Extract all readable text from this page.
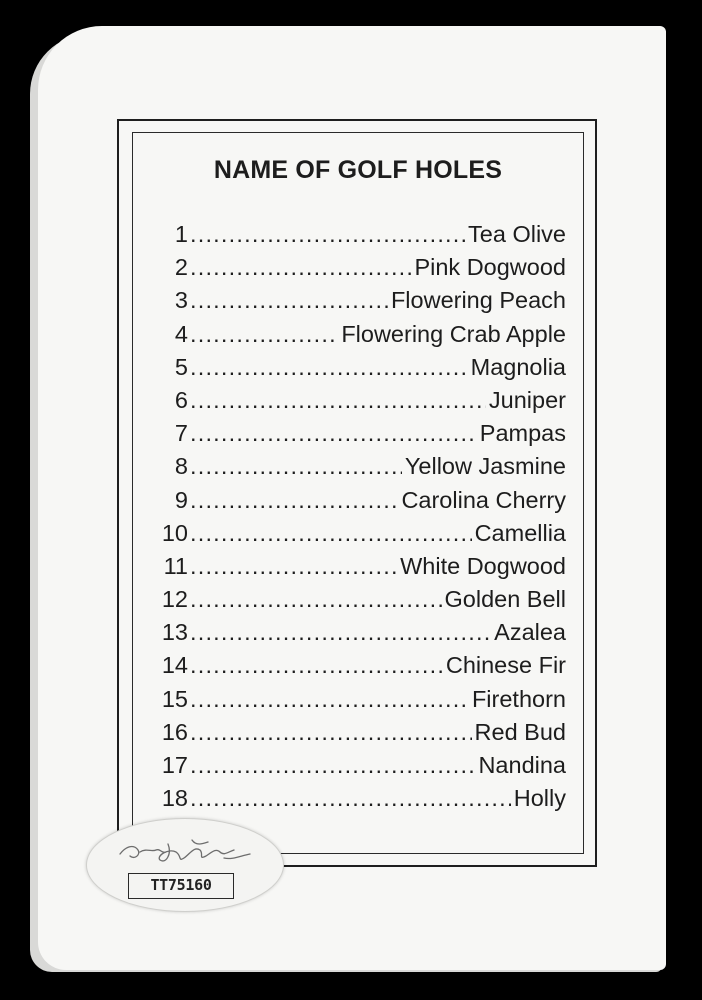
NAME OF GOLF HOLES
1 .....	Tea Olive
2 .....	Pink Dogwood
3 .....	Flowering Peach
4 .....	Flowering Crab Apple
5 .....	Magnolia
6 .....	Juniper
7 .....	Pampas
8 .....	Yellow Jasmine
9 .....	Carolina Cherry
10 .....	Camellia
11 .....	White Dogwood
12 .....	Golden Bell
13 .....	Azalea
14 .....	Chinese Fir
15 .....	Firethorn
16 .....	Red Bud
17 .....	Nandina
18 .....	Holly
TT75160
